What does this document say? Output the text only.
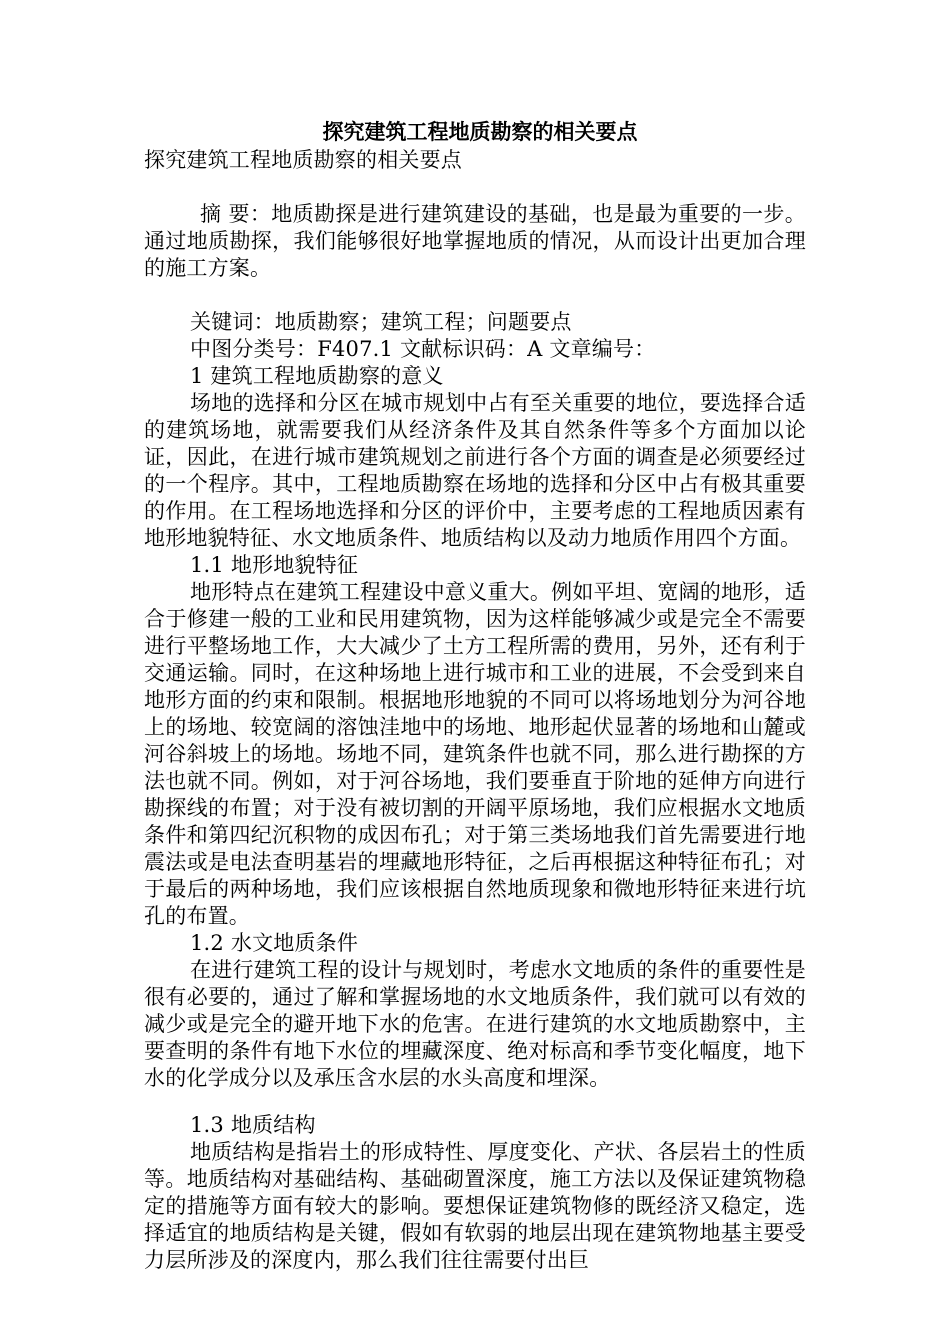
探究建筑工程地质勘察的相关要点

探究建筑工程地质勘察的相关要点

摘 要：地质勘探是进行建筑建设的基础，也是最为重要的一步。通过地质勘探，我们能够很好地掌握地质的情况，从而设计出更加合理的施工方案。

关键词：地质勘察；建筑工程；问题要点

中图分类号：F407.1 文献标识码：A 文章编号：

1 建筑工程地质勘察的意义

场地的选择和分区在城市规划中占有至关重要的地位，要选择合适的建筑场地，就需要我们从经济条件及其自然条件等多个方面加以论证，因此，在进行城市建筑规划之前进行各个方面的调查是必须要经过的一个程序。其中，工程地质勘察在场地的选择和分区中占有极其重要的作用。在工程场地选择和分区的评价中，主要考虑的工程地质因素有地形地貌特征、水文地质条件、地质结构以及动力地质作用四个方面。

1.1 地形地貌特征

地形特点在建筑工程建设中意义重大。例如平坦、宽阔的地形，适合于修建一般的工业和民用建筑物，因为这样能够减少或是完全不需要进行平整场地工作，大大减少了土方工程所需的费用，另外，还有利于交通运输。同时，在这种场地上进行城市和工业的进展，不会受到来自地形方面的约束和限制。根据地形地貌的不同可以将场地划分为河谷地上的场地、较宽阔的溶蚀洼地中的场地、地形起伏显著的场地和山麓或河谷斜坡上的场地。场地不同，建筑条件也就不同，那么进行勘探的方法也就不同。例如，对于河谷场地，我们要垂直于阶地的延伸方向进行勘探线的布置；对于没有被切割的开阔平原场地，我们应根据水文地质条件和第四纪沉积物的成因布孔；对于第三类场地我们首先需要进行地震法或是电法查明基岩的埋藏地形特征，之后再根据这种特征布孔；对于最后的两种场地，我们应该根据自然地质现象和微地形特征来进行坑孔的布置。

1.2 水文地质条件

在进行建筑工程的设计与规划时，考虑水文地质的条件的重要性是很有必要的，通过了解和掌握场地的水文地质条件，我们就可以有效的减少或是完全的避开地下水的危害。在进行建筑的水文地质勘察中，主要查明的条件有地下水位的埋藏深度、绝对标高和季节变化幅度，地下水的化学成分以及承压含水层的水头高度和埋深。

1.3 地质结构

地质结构是指岩土的形成特性、厚度变化、产状、各层岩土的性质等。地质结构对基础结构、基础砌置深度，施工方法以及保证建筑物稳定的措施等方面有较大的影响。要想保证建筑物修的既经济又稳定，选择适宜的地质结构是关键，假如有软弱的地层出现在建筑物地基主要受力层所涉及的深度内，那么我们往往需要付出巨
